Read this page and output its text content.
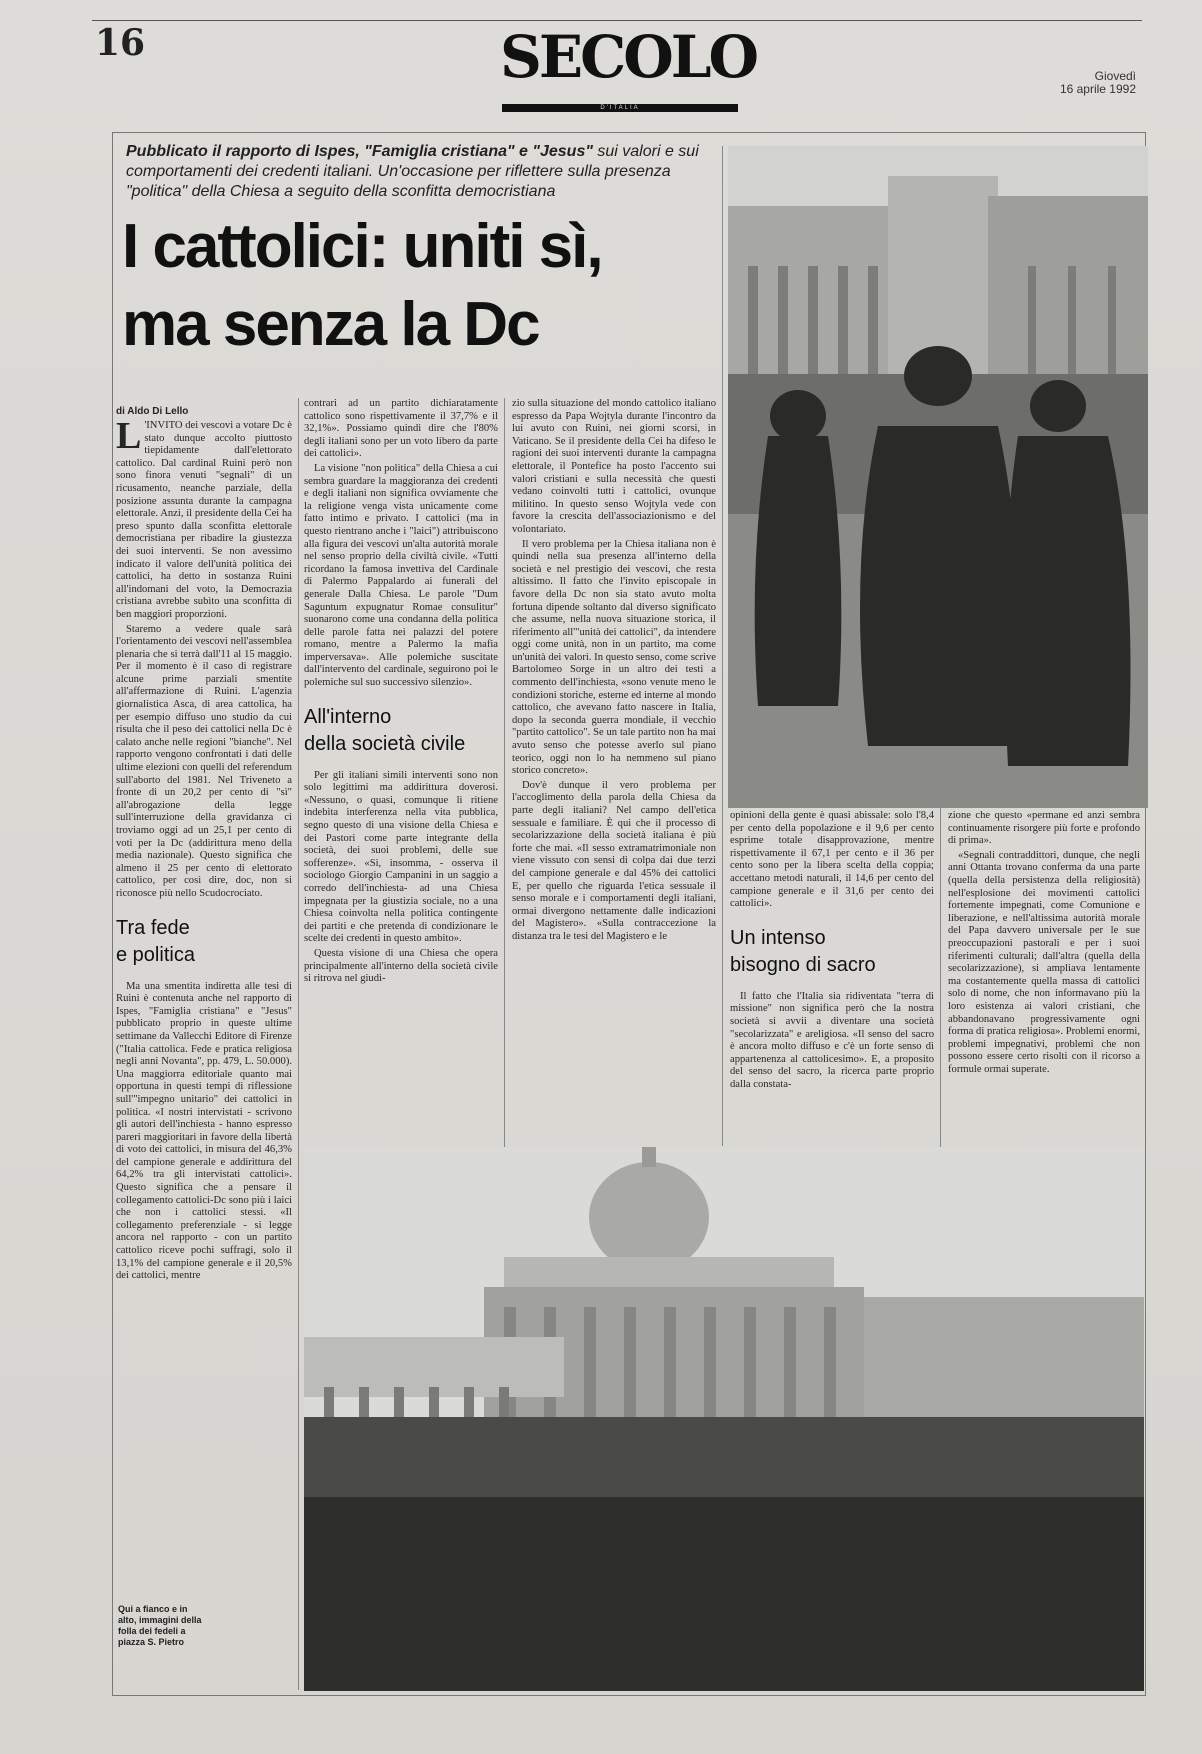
16	SECOLO
D'ITALIA
Giovedì
16 aprile 1992
Pubblicato il rapporto di Ispes, "Famiglia cristiana" e "Jesus" sui valori e sui comportamenti dei credenti italiani. Un'occasione per riflettere sulla presenza "politica" della Chiesa a seguito della sconfitta democristiana
I cattolici: uniti sì,
ma senza la Dc
di Aldo Di Lello

L 'INVITO dei vescovi a votare Dc è stato dunque accolto piuttosto tiepidamente dall'elettorato cattolico. Dal cardinal Ruini però non sono finora venuti "segnali" di un ricusamento, neanche parziale, della posizione assunta durante la campagna elettorale. Anzi, il presidente della Cei ha preso spunto dalla sconfitta elettorale democristiana per ribadire la giustezza dei suoi interventi. Se non avessimo indicato il valore dell'unità politica dei cattolici, ha detto in sostanza Ruini all'indomani del voto, la Democrazia cristiana avrebbe subìto una sconfitta di ben maggiori proporzioni.

Staremo a vedere quale sarà l'orientamento dei vescovi nell'assemblea plenaria che si terrà dall'11 al 15 maggio. Per il momento è il caso di registrare alcune prime parziali smentite all'affermazione di Ruini. L'agenzia giornalistica Asca, di area cattolica, ha per esempio diffuso uno studio da cui risulta che il peso dei cattolici nella Dc è calato anche nelle regioni "bianche". Nel rapporto vengono confrontati i dati delle ultime elezioni con quelli del referendum sull'aborto del 1981. Nel Triveneto a fronte di un 20,2 per cento di "sì" all'abrogazione della legge sull'interruzione della gravidanza ci troviamo oggi ad un 25,1 per cento di voti per la Dc (addirittura meno della media nazionale). Questo significa che almeno il 25 per cento di elettorato cattolico, per così dire, doc, non si riconosce più nello Scudocrociato.

Tra fede
e politica

Ma una smentita indiretta alle tesi di Ruini è contenuta anche nel rapporto di Ispes, "Famiglia cristiana" e "Jesus" pubblicato proprio in queste ultime settimane da Vallecchi Editore di Firenze ("Italia cattolica. Fede e pratica religiosa negli anni Novanta", pp. 479, L. 50.000). Una maggiorra editoriale quanto mai opportuna in questi tempi di riflessione sull'"impegno unitario" dei cattolici in politica. «I nostri intervistati - scrivono gli autori dell'inchiesta - hanno espresso pareri maggioritari in favore della libertà di voto dei cattolici, in misura del 46,3% del campione generale e addirittura del 64,2% tra gli intervistati cattolici». Questo significa che a pensare il collegamento cattolici-Dc sono più i laici che non i cattolici stessi. «Il collegamento preferenziale - si legge ancora nel rapporto - con un partito cattolico riceve pochi suffragi, solo il 13,1% del campione generale e il 20,5% dei cattolici, mentre

contrari ad un partito dichiaratamente cattolico sono rispettivamente il 37,7% e il 32,1%». Possiamo quindi dire che l'80% degli italiani sono per un voto libero da parte dei cattolici».

La visione "non politica" della Chiesa a cui sembra guardare la maggioranza dei credenti e degli italiani non significa ovviamente che la religione venga vista unicamente come fatto intimo e privato. I cattolici (ma in questo rientrano anche i "laici") attribuiscono alla figura dei vescovi un'alta autorità morale nel senso proprio della civiltà civile. «Tutti ricordano la famosa invettiva del Cardinale di Palermo Pappalardo ai funerali del generale Dalla Chiesa. Le parole "Dum Saguntum expugnatur Romae consulitur" suonarono come una condanna della politica delle parole fatta nei palazzi del potere romano, mentre a Palermo la mafia imperversava». Alle polemiche suscitate dall'intervento del cardinale, seguirono poi le polemiche sul suo successivo silenzio».

All'interno
della società civile

Per gli italiani simili interventi sono non solo legittimi ma addirittura doverosi. «Nessuno, o quasi, comunque li ritiene indebita interferenza nella vita pubblica, segno questo di una visione della Chiesa e dei Pastori come parte integrante della società, dei suoi problemi, delle sue sofferenze». «Si, insomma, - osserva il sociologo Giorgio Campanini in un saggio a corredo dell'inchiesta- ad una Chiesa impegnata per la giustizia sociale, no a una Chiesa coinvolta nella politica contingente dei partiti e che pretenda di condizionare le scelte dei credenti in questo ambito».

Questa visione di una Chiesa che opera principalmente all'interno della società civile si ritrova nel giudi-

zio sulla situazione del mondo cattolico italiano espresso da Papa Wojtyla durante l'incontro da lui avuto con Ruini, nei giorni scorsi, in Vaticano. Se il presidente della Cei ha difeso le ragioni dei suoi interventi durante la campagna elettorale, il Pontefice ha posto l'accento sui valori cristiani e sulla necessità che questi vedano coinvolti tutti i cattolici, ovunque militino. In questo senso Wojtyla vede con favore la crescita dell'associazionismo e del volontariato.

Il vero problema per la Chiesa italiana non è quindi nella sua presenza all'interno della società e nel prestigio dei vescovi, che resta altissimo. Il fatto che l'invito episcopale in favore della Dc non sia stato avuto molta fortuna dipende soltanto dal diverso significato che assume, nella nuova situazione storica, il riferimento all'"unità dei cattolici", da intendere oggi come unità, non in un partito, ma come un'unità dei valori. In questo senso, come scrive Bartolomeo Sorge in un altro dei testi a commento dell'inchiesta, «sono venute meno le condizioni storiche, esterne ed interne al mondo cattolico, che avevano fatto nascere in Italia, dopo la seconda guerra mondiale, il vecchio "partito cattolico". Se un tale partito non ha mai avuto senso che potesse averlo sul piano teorico, oggi non lo ha nemmeno sul piano storico concreto».

Dov'è dunque il vero problema per l'accoglimento della parola della Chiesa da parte degli italiani? Nel campo dell'etica sessuale e familiare. È qui che il processo di secolarizzazione della società italiana è più forte che mai. «Il sesso extramatrimoniale non viene vissuto con sensi di colpa dai due terzi del campione generale e dal 45% dei cattolici E, per quello che riguarda l'etica sessuale il senso morale e i comportamenti degli italiani, ormai divergono nettamente dalle indicazioni del Magistero». «Sulla contraccezione la distanza tra le tesi del Magistero e le

opinioni della gente è quasi abissale: solo l'8,4 per cento della popolazione e il 9,6 per cento esprime totale disapprovazione, mentre rispettivamente il 67,1 per cento e il 36 per cento sono per la libera scelta della coppia; accettano metodi naturali, il 14,6 per cento del campione generale e il 31,6 per cento dei cattolici».

Un intenso
bisogno di sacro

Il fatto che l'Italia sia ridiventata "terra di missione" non significa però che la nostra società si avvii a diventare una società "secolarizzata" e areligiosa. «Il senso del sacro è ancora molto diffuso e c'è un forte senso di appartenenza al cattolicesimo». E, a proposito del senso del sacro, la ricerca parte proprio dalla constata-

zione che questo «permane ed anzi sembra continuamente risorgere più forte e profondo di prima».

«Segnali contraddittori, dunque, che negli anni Ottanta trovano conferma da una parte (quella della persistenza della religiosità) nell'esplosione dei movimenti cattolici fortemente impegnati, come Comunione e liberazione, e nell'altissima autorità morale del Papa davvero universale per le sue preoccupazioni pastorali e per i suoi riferimenti culturali; dall'altra (quella della secolarizzazione), si ampliava lentamente ma costantemente quella massa di cattolici solo di nome, che non informavano più la loro esistenza ai valori cristiani, che abbandonavano progressivamente ogni forma di pratica religiosa». Problemi enormi, problemi impegnativi, problemi che non possono essere certo risolti con il ricorso a formule ormai superate.

Qui a fianco e in alto, immagini della folla dei fedeli a piazza S. Pietro
